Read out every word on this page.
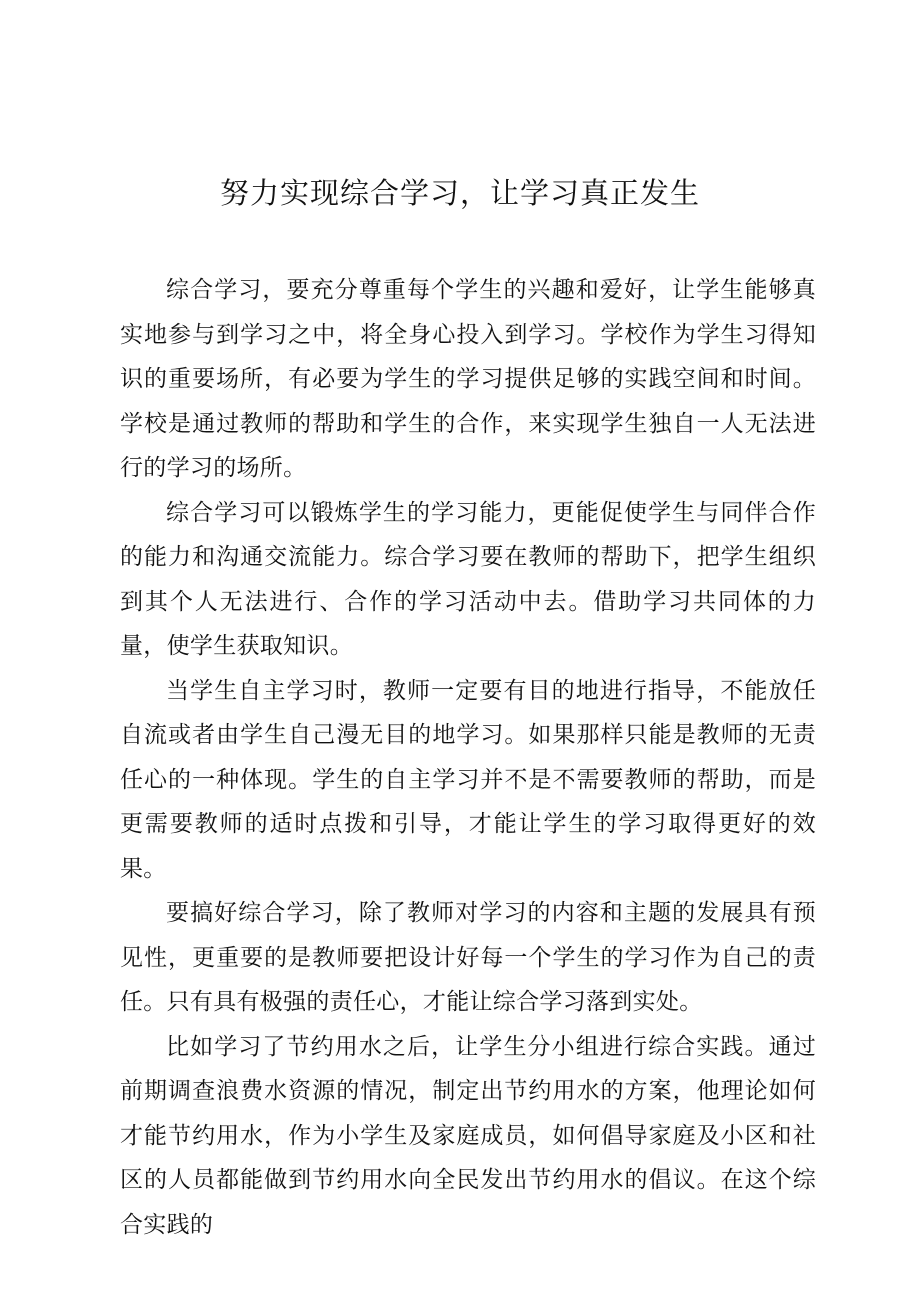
努力实现综合学习，让学习真正发生

综合学习，要充分尊重每个学生的兴趣和爱好，让学生能够真实地参与到学习之中，将全身心投入到学习。学校作为学生习得知识的重要场所，有必要为学生的学习提供足够的实践空间和时间。学校是通过教师的帮助和学生的合作，来实现学生独自一人无法进行的学习的场所。

综合学习可以锻炼学生的学习能力，更能促使学生与同伴合作的能力和沟通交流能力。综合学习要在教师的帮助下，把学生组织到其个人无法进行、合作的学习活动中去。借助学习共同体的力量，使学生获取知识。

当学生自主学习时，教师一定要有目的地进行指导，不能放任自流或者由学生自己漫无目的地学习。如果那样只能是教师的无责任心的一种体现。学生的自主学习并不是不需要教师的帮助，而是更需要教师的适时点拨和引导，才能让学生的学习取得更好的效果。

要搞好综合学习，除了教师对学习的内容和主题的发展具有预见性，更重要的是教师要把设计好每一个学生的学习作为自己的责任。只有具有极强的责任心，才能让综合学习落到实处。

比如学习了节约用水之后，让学生分小组进行综合实践。通过前期调查浪费水资源的情况，制定出节约用水的方案，他理论如何才能节约用水，作为小学生及家庭成员，如何倡导家庭及小区和社区的人员都能做到节约用水向全民发出节约用水的倡议。在这个综合实践的
